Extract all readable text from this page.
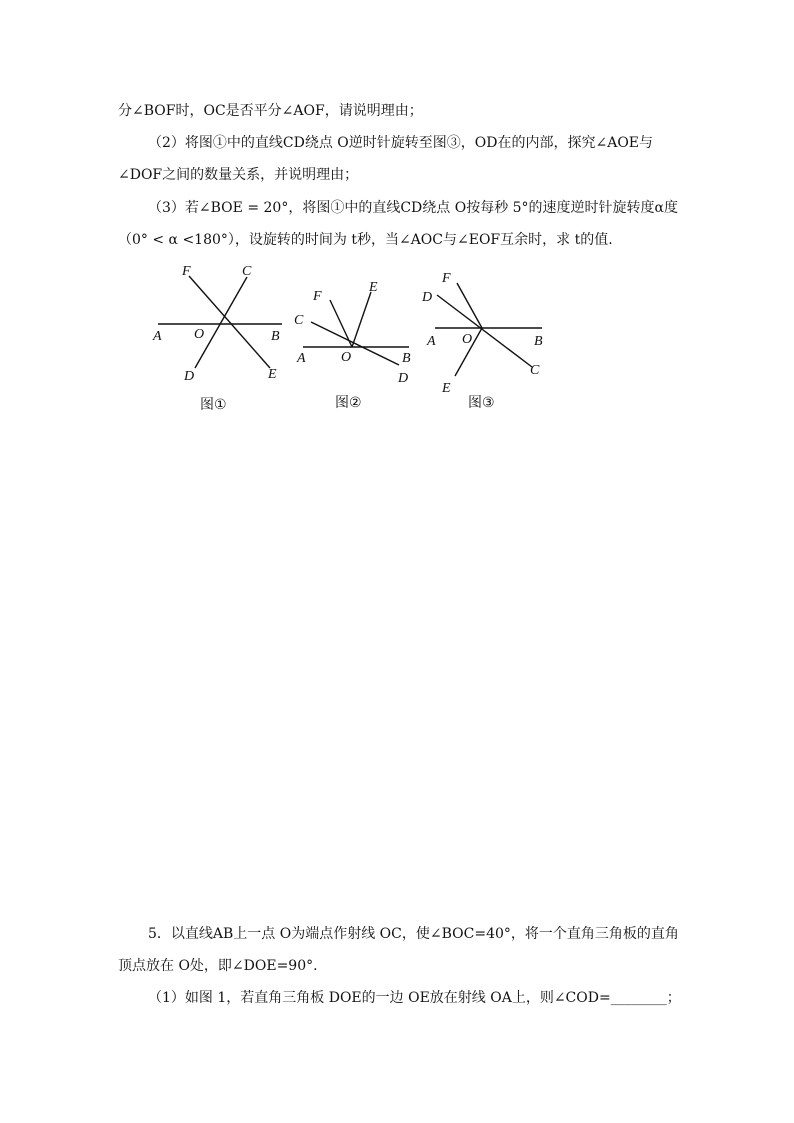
分∠BOF时，OC是否平分∠AOF，请说明理由；
（2）将图①中的直线CD绕点 O逆时针旋转至图③，OD在的内部，探究∠AOE与
∠DOF之间的数量关系，并说明理由；
（3）若∠BOE = 20°，将图①中的直线CD绕点 O按每秒 5°的速度逆时针旋转度α度
（0° < α <180°），设旋转的时间为 t秒，当∠AOC与∠EOF互余时，求 t的值.
F	C
A O	B
D	E
图①
F
E
C
A	O	B
D
图②
F
D
A O	B
C
E
图③
5．以直线AB上一点 O为端点作射线 OC，使∠BOC=40°，将一个直角三角板的直角
顶点放在 O处，即∠DOE=90°.
（1）如图 1，若直角三角板 DOE的一边 OE放在射线 OA上，则∠COD=________；
